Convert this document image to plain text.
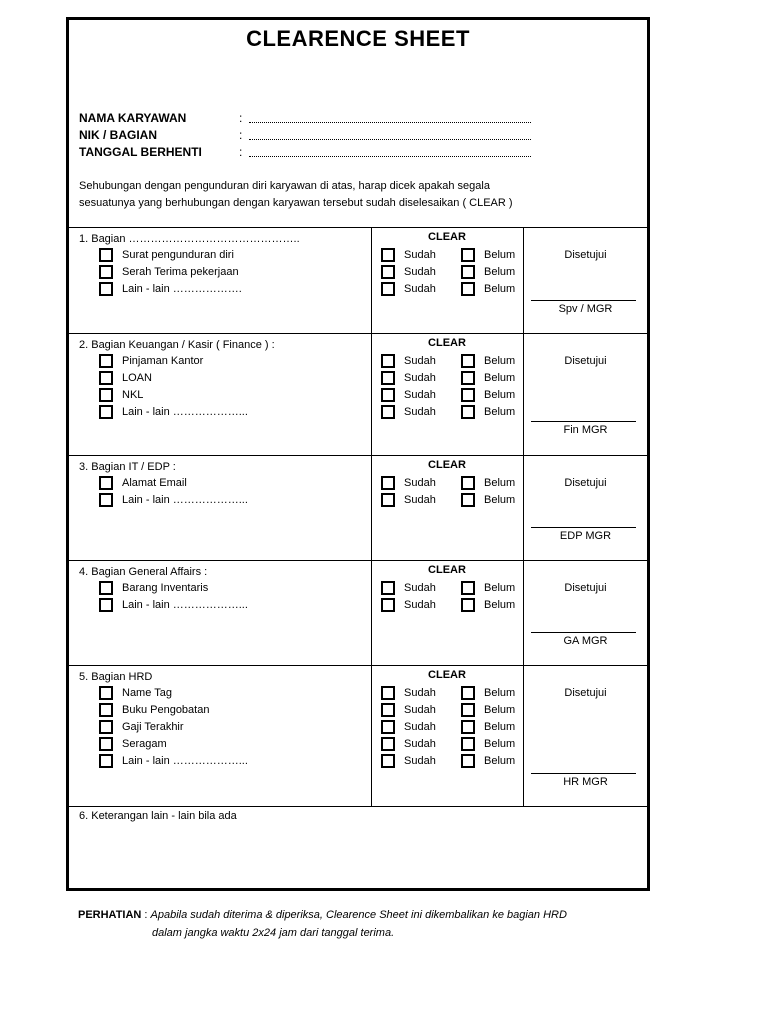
CLEARENCE SHEET
NAMA KARYAWAN	:
NIK / BAGIAN	:
TANGGAL BERHENTI	:
Sehubungan dengan pengunduran diri karyawan di atas, harap dicek apakah segala
sesuatunya yang berhubungan dengan karyawan tersebut sudah diselesaikan ( CLEAR )
1. Bagian ………………………………………..	CLEAR
Surat pengunduran diri	Sudah	Belum
Serah Terima pekerjaan	Sudah	Belum
Lain - lain ……………….	Sudah	Belum
Disetujui
Spv / MGR
2. Bagian Keuangan / Kasir ( Finance ) :	CLEAR
Pinjaman Kantor	Sudah	Belum
LOAN	Sudah	Belum
NKL	Sudah	Belum
Lain - lain ………………...	Sudah	Belum
Disetujui
Fin MGR
3. Bagian IT / EDP :	CLEAR
Alamat Email	Sudah	Belum
Lain - lain ………………...	Sudah	Belum
Disetujui
EDP MGR
4. Bagian General Affairs :	CLEAR
Barang Inventaris	Sudah	Belum
Lain - lain ………………...	Sudah	Belum
Disetujui
GA MGR
5. Bagian HRD	CLEAR
Name Tag	Sudah	Belum
Buku Pengobatan	Sudah	Belum
Gaji Terakhir	Sudah	Belum
Seragam	Sudah	Belum
Lain - lain ………………...	Sudah	Belum
Disetujui
HR MGR
6. Keterangan lain - lain bila ada
PERHATIAN : Apabila sudah diterima & diperiksa, Clearence Sheet ini dikembalikan ke bagian HRD
dalam jangka waktu 2x24 jam dari tanggal terima.
